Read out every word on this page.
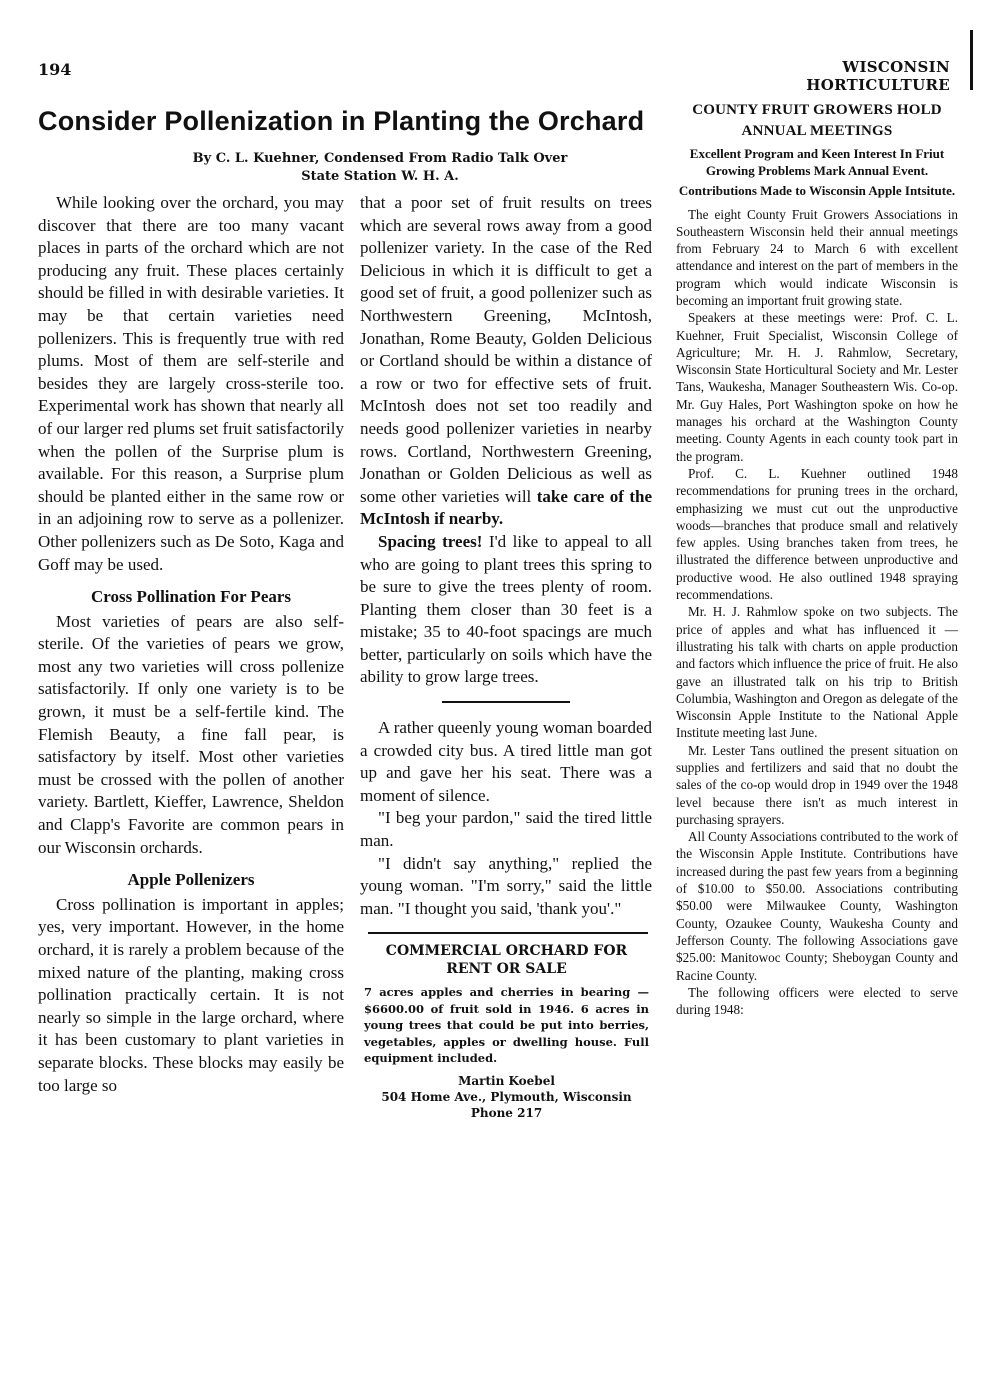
194	WISCONSIN HORTICULTURE
Consider Pollenization in Planting the Orchard
By C. L. Kuehner, Condensed From Radio Talk Over State Station W. H. A.

While looking over the orchard, you may discover that there are too many vacant places in parts of the orchard which are not producing any fruit. These places certainly should be filled in with desirable varieties. It may be that certain varieties need pollenizers. This is frequently true with red plums. Most of them are self-sterile and besides they are largely cross-sterile too. Experimental work has shown that nearly all of our larger red plums set fruit satisfactorily when the pollen of the Surprise plum is available. For this reason, a Surprise plum should be planted either in the same row or in an adjoining row to serve as a pollenizer. Other pollenizers such as De Soto, Kaga and Goff may be used.

Cross Pollination For Pears

Most varieties of pears are also self-sterile. Of the varieties of pears we grow, most any two varieties will cross pollenize satisfactorily. If only one variety is to be grown, it must be a self-fertile kind. The Flemish Beauty, a fine fall pear, is satisfactory by itself. Most other varieties must be crossed with the pollen of another variety. Bartlett, Kieffer, Lawrence, Sheldon and Clapp's Favorite are common pears in our Wisconsin orchards.

Apple Pollenizers

Cross pollination is important in apples; yes, very important. However, in the home orchard, it is rarely a problem because of the mixed nature of the planting, making cross pollination practically certain. It is not nearly so simple in the large orchard, where it has been customary to plant varieties in separate blocks. These blocks may easily be too large so

that a poor set of fruit results on trees which are several rows away from a good pollenizer variety. In the case of the Red Delicious in which it is difficult to get a good set of fruit, a good pollenizer such as Northwestern Greening, McIntosh, Jonathan, Rome Beauty, Golden Delicious or Cortland should be within a distance of a row or two for effective sets of fruit. McIntosh does not set too readily and needs good pollenizer varieties in nearby rows. Cortland, Northwestern Greening, Jonathan or Golden Delicious as well as some other varieties will take care of the McIntosh if nearby.

Spacing trees! I'd like to appeal to all who are going to plant trees this spring to be sure to give the trees plenty of room. Planting them closer than 30 feet is a mistake; 35 to 40-foot spacings are much better, particularly on soils which have the ability to grow large trees.

A rather queenly young woman boarded a crowded city bus. A tired little man got up and gave her his seat. There was a moment of silence.

"I beg your pardon," said the tired little man.

"I didn't say anything," replied the young woman. "I'm sorry," said the little man. "I thought you said, 'thank you'."

COMMERCIAL ORCHARD FOR RENT OR SALE
7 acres apples and cherries in bearing — $6600.00 of fruit sold in 1946. 6 acres in young trees that could be put into berries, vegetables, apples or dwelling house. Full equipment included.
Martin Koebel
504 Home Ave., Plymouth, Wisconsin
Phone 217
COUNTY FRUIT GROWERS HOLD ANNUAL MEETINGS
Excellent Program and Keen Interest In Friut Growing Problems Mark Annual Event.
Contributions Made to Wisconsin Apple Intsitute.

The eight County Fruit Growers Associations in Southeastern Wisconsin held their annual meetings from February 24 to March 6 with excellent attendance and interest on the part of members in the program which would indicate Wisconsin is becoming an important fruit growing state.

Speakers at these meetings were: Prof. C. L. Kuehner, Fruit Specialist, Wisconsin College of Agriculture; Mr. H. J. Rahmlow, Secretary, Wisconsin State Horticultural Society and Mr. Lester Tans, Waukesha, Manager Southeastern Wis. Co-op. Mr. Guy Hales, Port Washington spoke on how he manages his orchard at the Washington County meeting. County Agents in each county took part in the program.

Prof. C. L. Kuehner outlined 1948 recommendations for pruning trees in the orchard, emphasizing we must cut out the unproductive woods—branches that produce small and relatively few apples. Using branches taken from trees, he illustrated the difference between unproductive and productive wood. He also outlined 1948 spraying recommendations.

Mr. H. J. Rahmlow spoke on two subjects. The price of apples and what has influenced it — illustrating his talk with charts on apple production and factors which influence the price of fruit. He also gave an illustrated talk on his trip to British Columbia, Washington and Oregon as delegate of the Wisconsin Apple Institute to the National Apple Institute meeting last June.

Mr. Lester Tans outlined the present situation on supplies and fertilizers and said that no doubt the sales of the co-op would drop in 1949 over the 1948 level because there isn't as much interest in purchasing sprayers.

All County Associations contributed to the work of the Wisconsin Apple Institute. Contributions have increased during the past few years from a beginning of $10.00 to $50.00. Associations contributing $50.00 were Milwaukee County, Washington County, Ozaukee County, Waukesha County and Jefferson County. The following Associations gave $25.00: Manitowoc County; Sheboygan County and Racine County.

The following officers were elected to serve during 1948:
